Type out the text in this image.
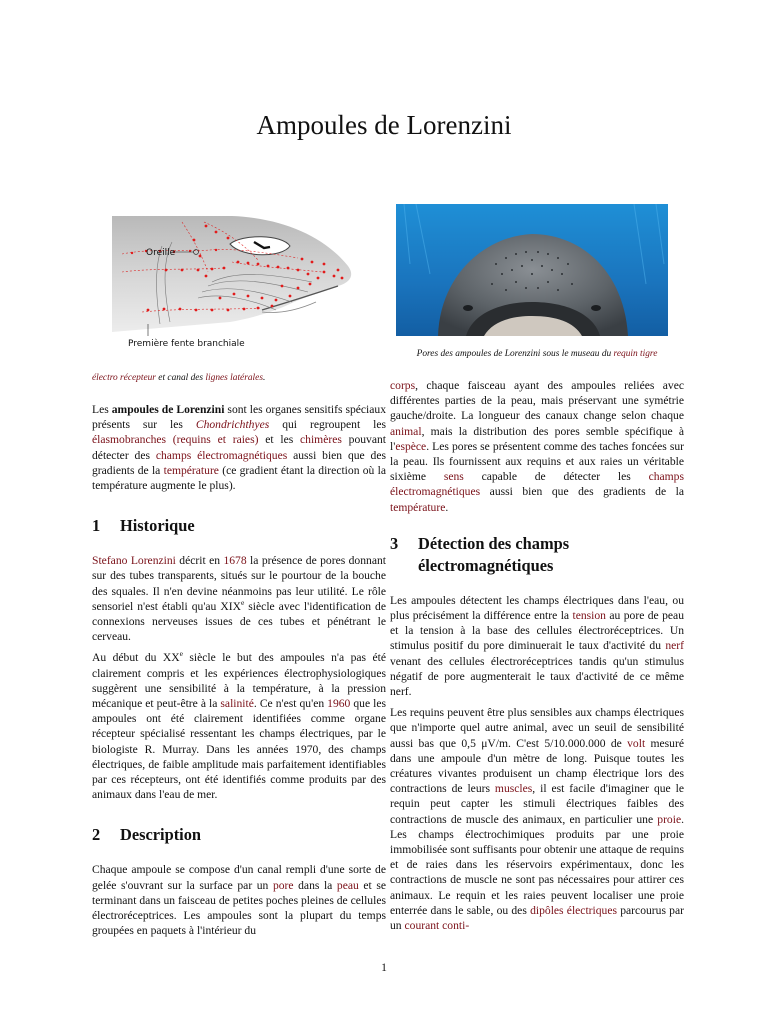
Ampoules de Lorenzini
Oreille
Première fente branchiale
électro récepteur et canal des lignes latérales.

Les ampoules de Lorenzini sont les organes sensitifs spéciaux présents sur les Chondrichthyes qui regroupent les élasmobranches (requins et raies) et les chimères pouvant détecter des champs électromagnétiques aussi bien que des gradients de la température (ce gradient étant la direction où la température augmente le plus).

1	Historique

Stefano Lorenzini décrit en 1678 la présence de pores donnant sur des tubes transparents, situés sur le pourtour de la bouche des squales. Il n'en devine néanmoins pas leur utilité. Le rôle sensoriel n'est établi qu'au XIXe siècle avec l'identification de connexions nerveuses issues de ces tubes et pénétrant le cerveau.

Au début du XXe siècle le but des ampoules n'a pas été clairement compris et les expériences électrophysiologiques suggèrent une sensibilité à la température, à la pression mécanique et peut-être à la salinité. Ce n'est qu'en 1960 que les ampoules ont été clairement identifiées comme organe récepteur spécialisé ressentant les champs électriques, par le biologiste R. Murray. Dans les années 1970, des champs électriques, de faible amplitude mais parfaitement identifiables par ces récepteurs, ont été identifiés comme produits par des animaux dans l'eau de mer.

2	Description

Chaque ampoule se compose d'un canal rempli d'une sorte de gelée s'ouvrant sur la surface par un pore dans la peau et se terminant dans un faisceau de petites poches pleines de cellules électroréceptrices. Les ampoules sont la plupart du temps groupées en paquets à l'intérieur du

Pores des ampoules de Lorenzini sous le museau du requin tigre

corps, chaque faisceau ayant des ampoules reliées avec différentes parties de la peau, mais préservant une symétrie gauche/droite. La longueur des canaux change selon chaque animal, mais la distribution des pores semble spécifique à l'espèce. Les pores se présentent comme des taches foncées sur la peau. Ils fournissent aux requins et aux raies un véritable sixième sens capable de détecter les champs électromagnétiques aussi bien que des gradients de la température.

3	Détection des champs électromagnétiques

Les ampoules détectent les champs électriques dans l'eau, ou plus précisément la différence entre la tension au pore de peau et la tension à la base des cellules électroréceptrices. Un stimulus positif du pore diminuerait le taux d'activité du nerf venant des cellules électroréceptrices tandis qu'un stimulus négatif de pore augmenterait le taux d'activité de ce même nerf.

Les requins peuvent être plus sensibles aux champs électriques que n'importe quel autre animal, avec un seuil de sensibilité aussi bas que 0,5 μV/m. C'est 5/10.000.000 de volt mesuré dans une ampoule d'un mètre de long. Puisque toutes les créatures vivantes produisent un champ électrique lors des contractions de leurs muscles, il est facile d'imaginer que le requin peut capter les stimuli électriques faibles des contractions de muscle des animaux, en particulier une proie. Les champs électrochimiques produits par une proie immobilisée sont suffisants pour obtenir une attaque de requins et de raies dans les réservoirs expérimentaux, donc les contractions de muscle ne sont pas nécessaires pour attirer ces animaux. Le requin et les raies peuvent localiser une proie enterrée dans le sable, ou des dipôles électriques parcourus par un courant conti-

1
